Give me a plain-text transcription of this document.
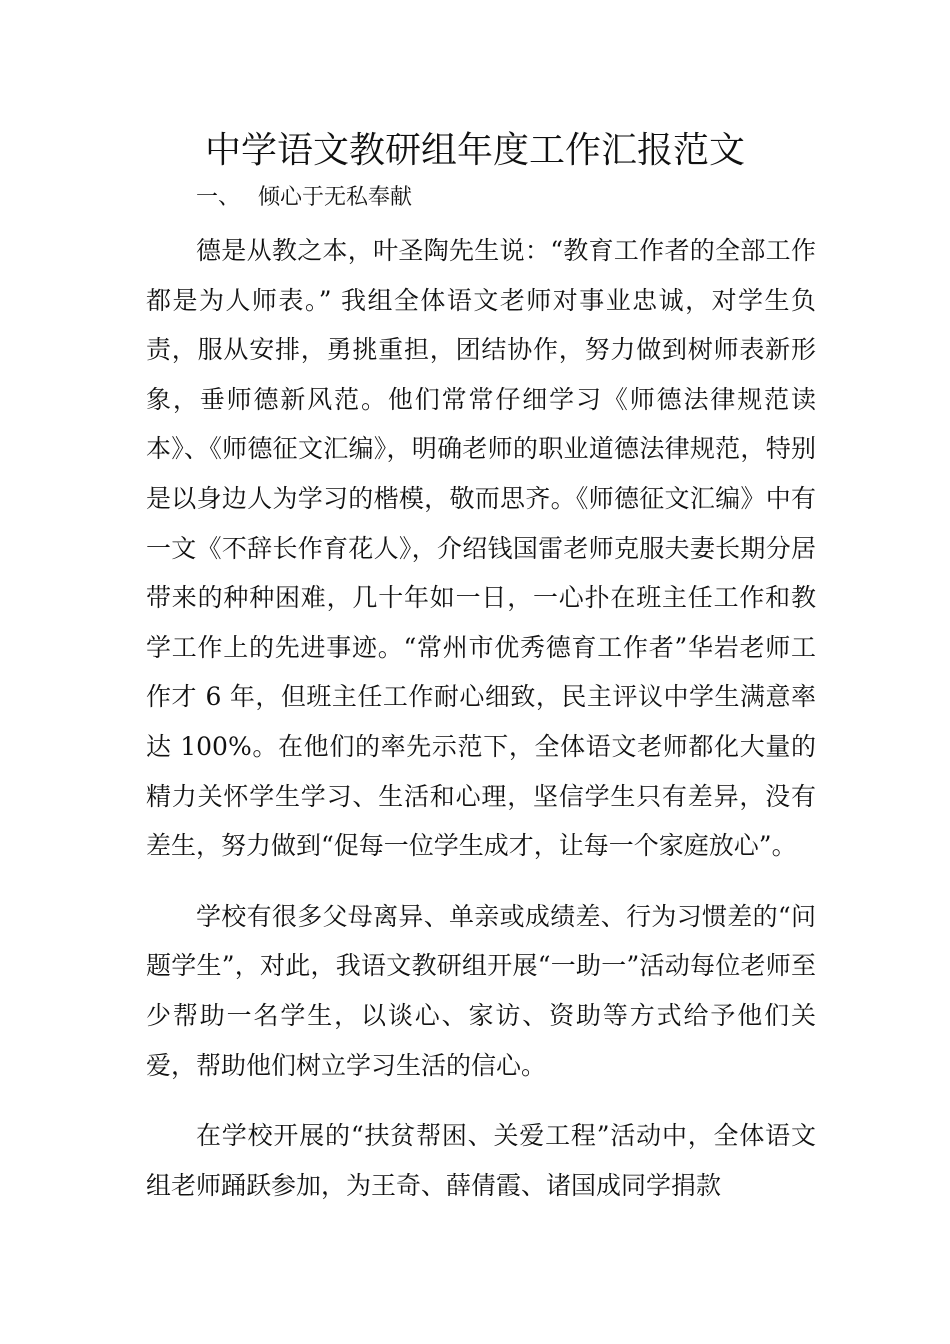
中学语文教研组年度工作汇报范文
一、 倾心于无私奉献

德是从教之本，叶圣陶先生说：“教育工作者的全部工作都是为人师表。” 我组全体语文老师对事业忠诚，对学生负责，服从安排，勇挑重担，团结协作，努力做到树师表新形象，垂师德新风范。他们常常仔细学习《师德法律规范读本》、《师德征文汇编》，明确老师的职业道德法律规范，特别是以身边人为学习的楷模，敬而思齐。《师德征文汇编》中有一文《不辞长作育花人》，介绍钱国雷老师克服夫妻长期分居带来的种种困难，几十年如一日，一心扑在班主任工作和教学工作上的先进事迹。“常州市优秀德育工作者”华岩老师工作才 6 年，但班主任工作耐心细致，民主评议中学生满意率达 100%。在他们的率先示范下，全体语文老师都化大量的精力关怀学生学习、生活和心理，坚信学生只有差异，没有差生，努力做到“促每一位学生成才，让每一个家庭放心”。

学校有很多父母离异、单亲或成绩差、行为习惯差的“问题学生”，对此，我语文教研组开展“一助一”活动每位老师至少帮助一名学生，以谈心、家访、资助等方式给予他们关爱，帮助他们树立学习生活的信心。

在学校开展的“扶贫帮困、关爱工程”活动中，全体语文组老师踊跃参加，为王奇、薛倩霞、诸国成同学捐款
